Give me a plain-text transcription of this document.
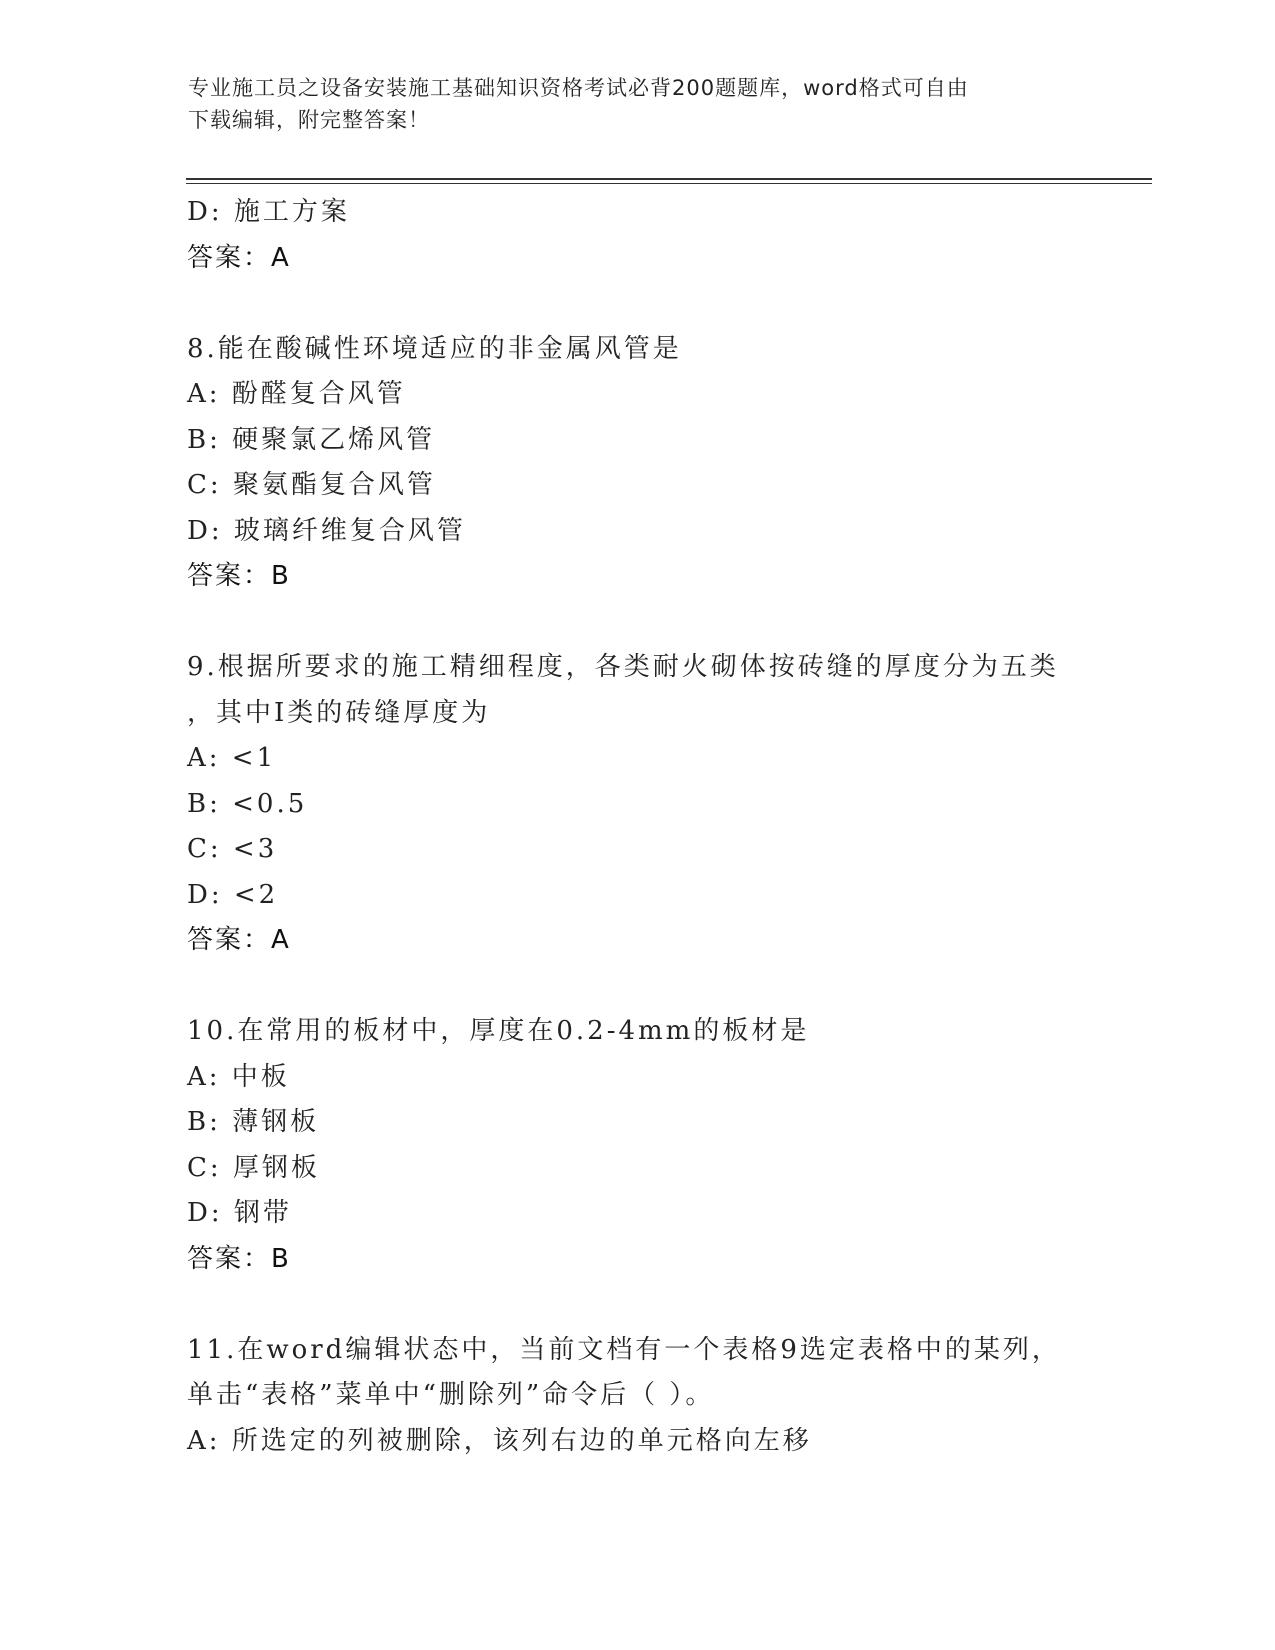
专业施工员之设备安装施工基础知识资格考试必背200题题库，word格式可自由
下载编辑，附完整答案！
D: 施工方案
答案：A
8.能在酸碱性环境适应的非金属风管是
A: 酚醛复合风管
B: 硬聚氯乙烯风管
C: 聚氨酯复合风管
D: 玻璃纤维复合风管
答案：B
9.根据所要求的施工精细程度，各类耐火砌体按砖缝的厚度分为五类
，其中Ⅰ类的砖缝厚度为
A: <1
B: <0.5
C: <3
D: <2
答案：A
10.在常用的板材中，厚度在0.2-4mm的板材是
A: 中板
B: 薄钢板
C: 厚钢板
D: 钢带
答案：B
11.在word编辑状态中，当前文档有一个表格9选定表格中的某列，
单击“表格”菜单中“删除列”命令后（ ）。
A: 所选定的列被删除，该列右边的单元格向左移
